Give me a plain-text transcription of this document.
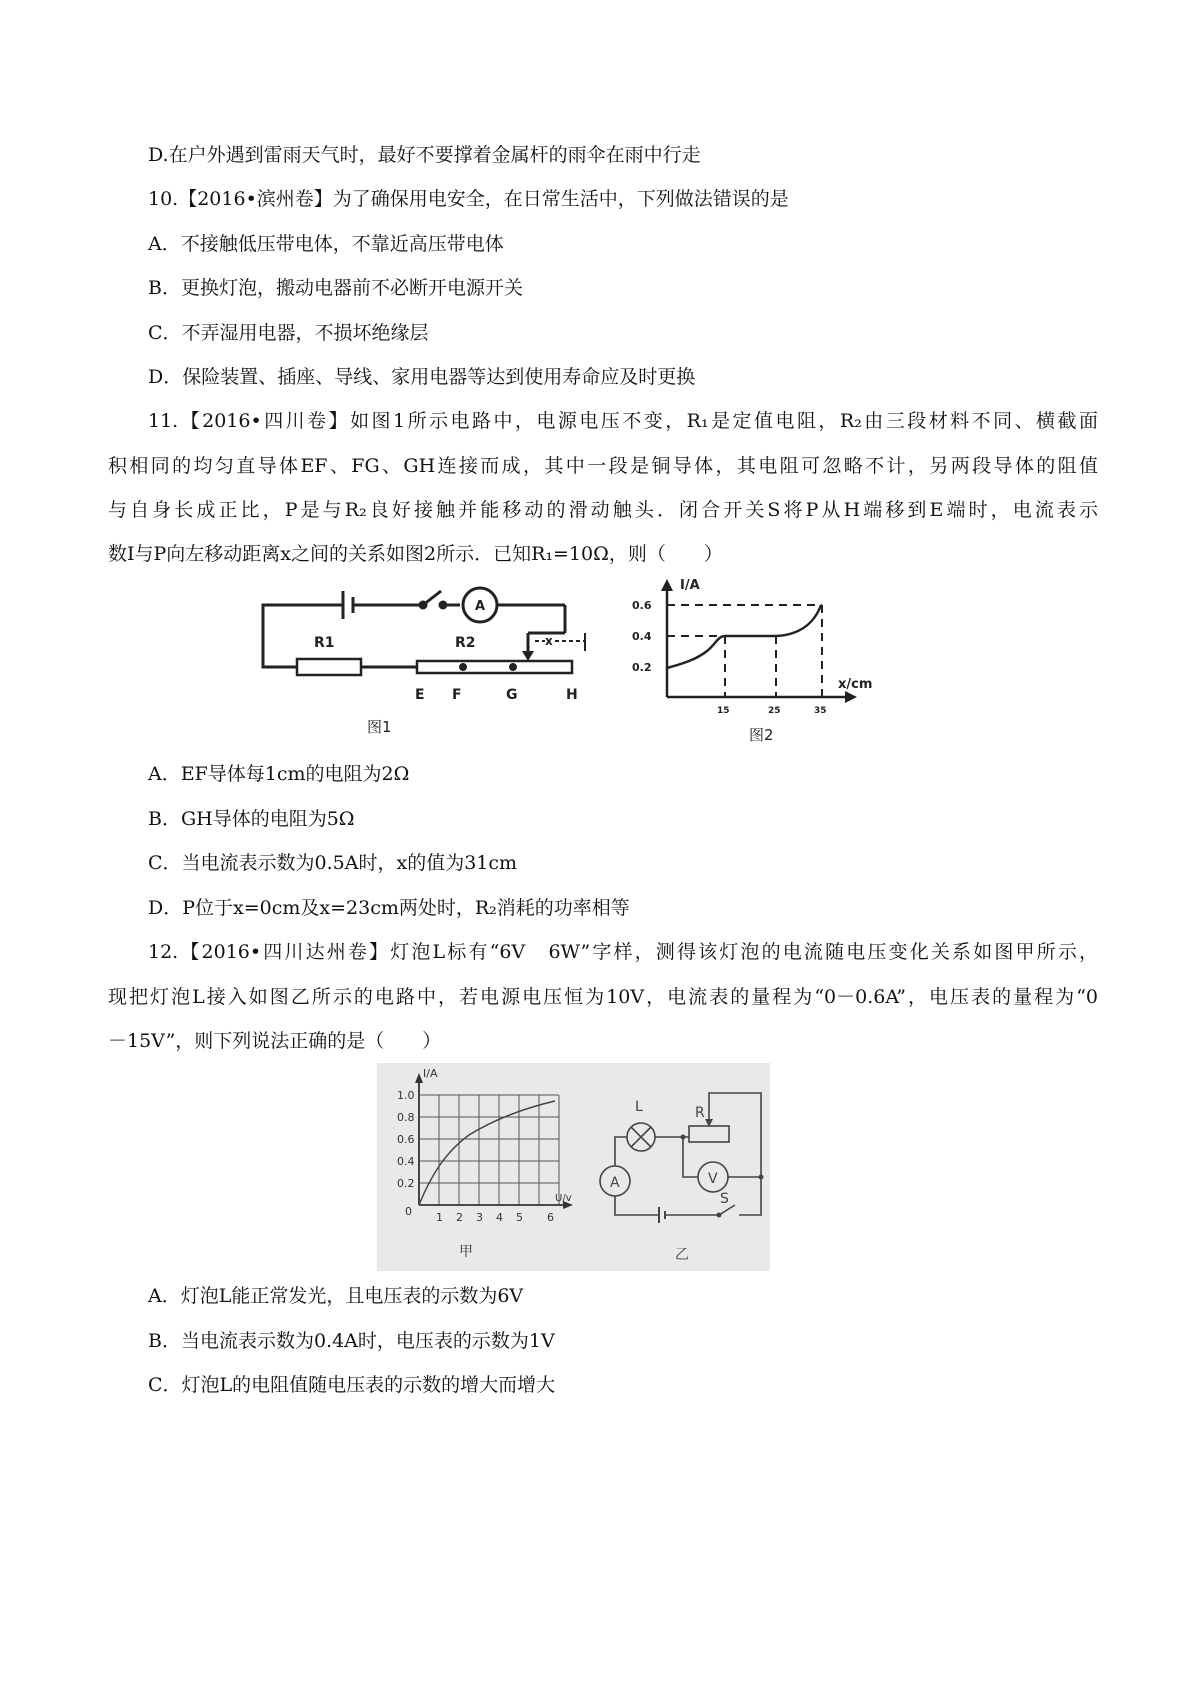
D.在户外遇到雷雨天气时，最好不要撑着金属杆的雨伞在雨中行走
10.【2016•滨州卷】为了确保用电安全，在日常生活中，下列做法错误的是
A．不接触低压带电体，不靠近高压带电体
B．更换灯泡，搬动电器前不必断开电源开关
C．不弄湿用电器，不损坏绝缘层
D．保险装置、插座、导线、家用电器等达到使用寿命应及时更换
11.【2016•四川卷】如图1所示电路中，电源电压不变，R₁是定值电阻，R₂由三段材料不同、横截面
积相同的均匀直导体EF、FG、GH连接而成，其中一段是铜导体，其电阻可忽略不计，另两段导体的阻值
与自身长成正比，P是与R₂良好接触并能移动的滑动触头．闭合开关S将P从H端移到E端时，电流表示
数I与P向左移动距离x之间的关系如图2所示．已知R₁=10Ω，则（　　）
R1	R2
A
x
E F	G	H
图1
I/A
x/cm
0.6
0.4
0.2
15	25	35
图2
A．EF导体每1cm的电阻为2Ω
B．GH导体的电阻为5Ω
C．当电流表示数为0.5A时，x的值为31cm
D．P位于x=0cm及x=23cm两处时，R₂消耗的功率相等
12.【2016•四川达州卷】灯泡L标有“6V　6W”字样，测得该灯泡的电流随电压变化关系如图甲所示，
现把灯泡L接入如图乙所示的电路中，若电源电压恒为10V，电流表的量程为“0－0.6A”，电压表的量程为“0
－15V”，则下列说法正确的是（　　）
I/A
U/v
1.0
0.8
0.6
0.4
0.2
0 1 2 3 4 5 6
甲
L	R
A	V
S
乙
A．灯泡L能正常发光，且电压表的示数为6V
B．当电流表示数为0.4A时，电压表的示数为1V
C．灯泡L的电阻值随电压表的示数的增大而增大
